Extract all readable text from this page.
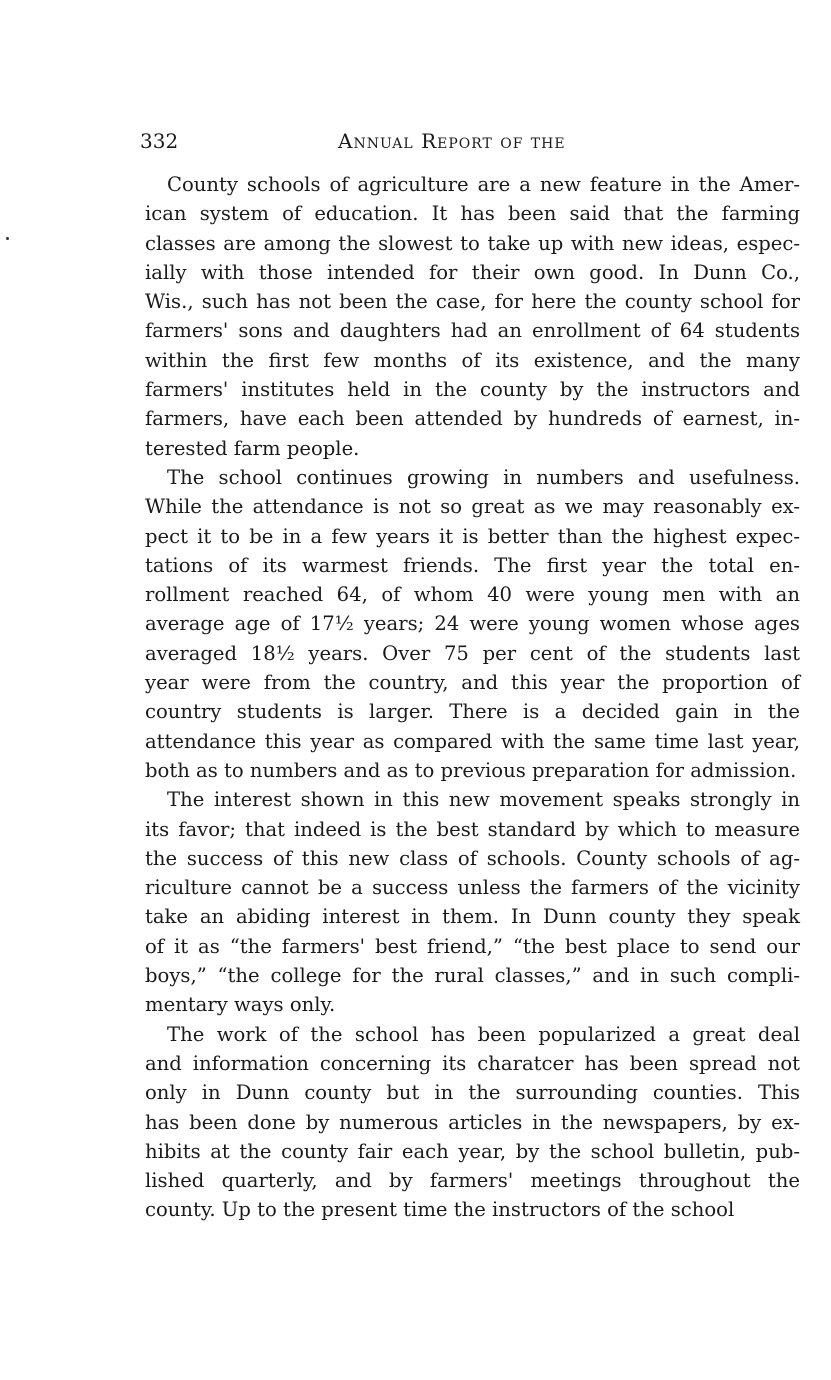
332	Annual Report of the
County schools of agriculture are a new feature in the Amer-
ican system of education. It has been said that the farming
classes are among the slowest to take up with new ideas, espec-
ially with those intended for their own good. In Dunn Co.,
Wis., such has not been the case, for here the county school for
farmers' sons and daughters had an enrollment of 64 students
within the first few months of its existence, and the many
farmers' institutes held in the county by the instructors and
farmers, have each been attended by hundreds of earnest, in-
terested farm people.
The school continues growing in numbers and usefulness.
While the attendance is not so great as we may reasonably ex-
pect it to be in a few years it is better than the highest expec-
tations of its warmest friends. The first year the total en-
rollment reached 64, of whom 40 were young men with an
average age of 17½ years; 24 were young women whose ages
averaged 18½ years. Over 75 per cent of the students last
year were from the country, and this year the proportion of
country students is larger. There is a decided gain in the
attendance this year as compared with the same time last year,
both as to numbers and as to previous preparation for admission.
The interest shown in this new movement speaks strongly in
its favor; that indeed is the best standard by which to measure
the success of this new class of schools. County schools of ag-
riculture cannot be a success unless the farmers of the vicinity
take an abiding interest in them. In Dunn county they speak
of it as “the farmers' best friend,” “the best place to send our
boys,” “the college for the rural classes,” and in such compli-
mentary ways only.
The work of the school has been popularized a great deal
and information concerning its charatcer has been spread not
only in Dunn county but in the surrounding counties. This
has been done by numerous articles in the newspapers, by ex-
hibits at the county fair each year, by the school bulletin, pub-
lished quarterly, and by farmers' meetings throughout the
county. Up to the present time the instructors of the school
